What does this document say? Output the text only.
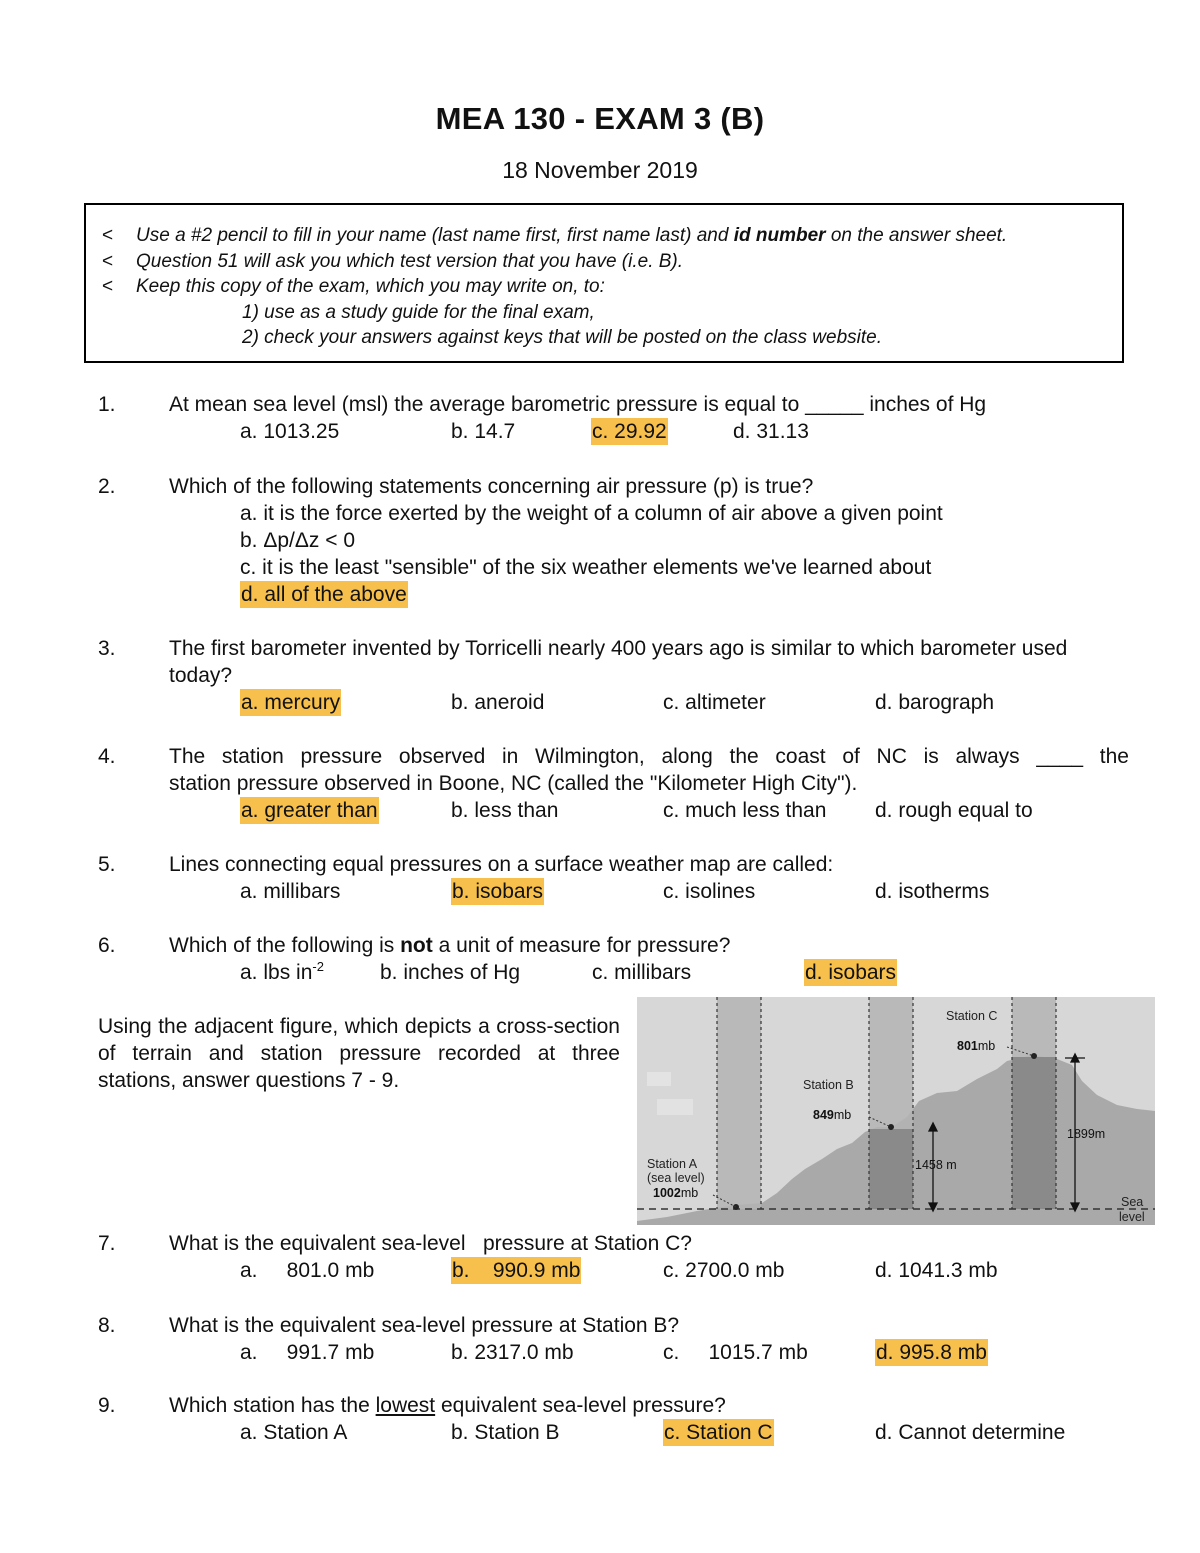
MEA 130 - EXAM 3 (B)
18 November 2019
< Use a #2 pencil to fill in your name (last name first, first name last) and id number on the answer sheet.
< Question 51 will ask you which test version that you have (i.e. B).
< Keep this copy of the exam, which you may write on, to:
1) use as a study guide for the final exam,
2) check your answers against keys that will be posted on the class website.
1.	At mean sea level (msl) the average barometric pressure is equal to _____ inches of Hg
a. 1013.25	b. 14.7	c. 29.92	d. 31.13
2.	Which of the following statements concerning air pressure (p) is true?
a. it is the force exerted by the weight of a column of air above a given point
b. Δp/Δz < 0
c. it is the least "sensible" of the six weather elements we've learned about
d. all of the above
3.	The first barometer invented by Torricelli nearly 400 years ago is similar to which barometer used today?
a. mercury	b. aneroid	c. altimeter	d. barograph
4.	The station pressure observed in Wilmington, along the coast of NC is always ____ the
station pressure observed in Boone, NC (called the "Kilometer High City").
a. greater than	b. less than	c. much less than d. rough equal to
5.	Lines connecting equal pressures on a surface weather map are called:
a. millibars	b. isobars	c. isolines	d. isotherms
6.	Which of the following is not a unit of measure for pressure?
a. lbs $in^{-2}$	b. inches of Hg	c. millibars	d. isobars
Using the adjacent figure, which depicts a cross-section of terrain and station pressure recorded at three stations, answer questions 7 - 9.
Station A
(sea level)
1002mb
Station B
849mb
1458 m
Station C
801mb
1899m
Sea
level
7.	What is the equivalent sea-level   pressure at Station C?
a.     801.0 mb	b.    990.9 mb	c. 2700.0 mb	d. 1041.3 mb
8.	What is the equivalent sea-level pressure at Station B?
a.     991.7 mb	b. 2317.0 mb	c.     1015.7 mb	d. 995.8 mb
9.	Which station has the lowest equivalent sea-level pressure?
a. Station A	b. Station B	c. Station C	d. Cannot determine
